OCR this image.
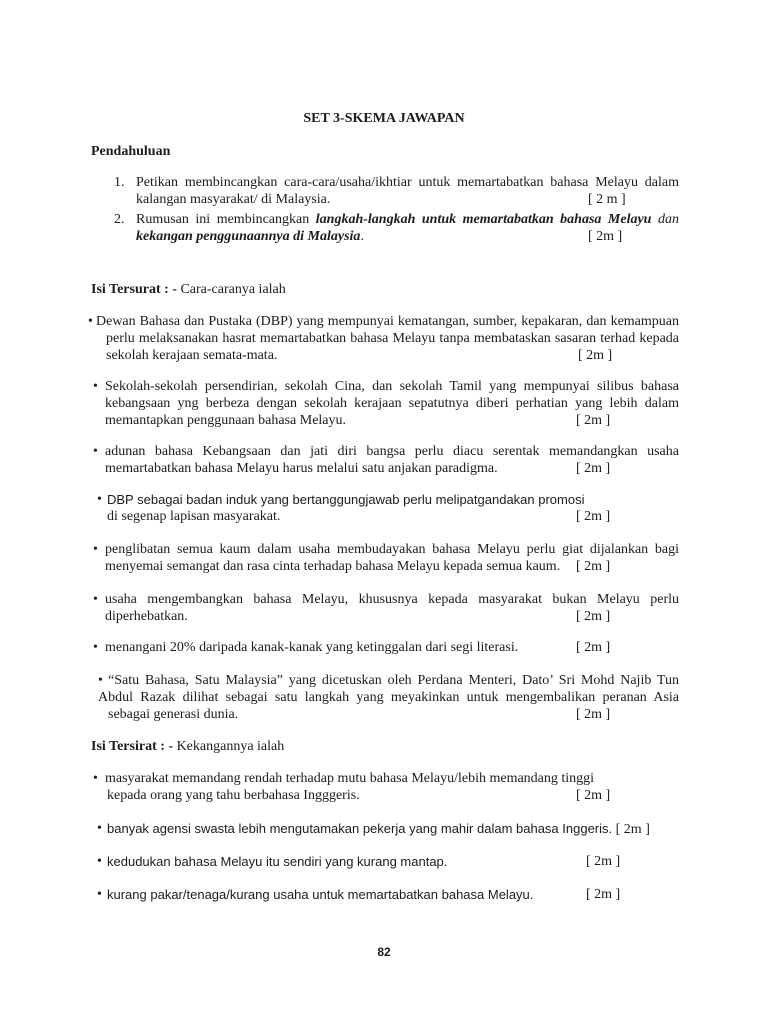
SET 3-SKEMA JAWAPAN
Pendahuluan
1. Petikan membincangkan cara-cara/usaha/ikhtiar untuk memartabatkan bahasa Melayu dalam
kalangan masyarakat/ di Malaysia.	[ 2 m ]
2. Rumusan ini membincangkan langkah-langkah untuk memartabatkan bahasa Melayu dan
kekangan penggunaannya di Malaysia.	[ 2m ]
Isi Tersurat : - Cara-caranya ialah
• Dewan Bahasa dan Pustaka (DBP) yang mempunyai kematangan, sumber, kepakaran, dan kemampuan
perlu melaksanakan hasrat memartabatkan bahasa Melayu tanpa membataskan sasaran terhad kepada
sekolah kerajaan semata-mata.	[ 2m ]
• Sekolah-sekolah persendirian, sekolah Cina, dan sekolah Tamil yang mempunyai silibus bahasa
kebangsaan yng berbeza dengan sekolah kerajaan sepatutnya diberi perhatian yang lebih dalam
memantapkan penggunaan bahasa Melayu.	[ 2m ]
• adunan bahasa Kebangsaan dan jati diri bangsa perlu diacu serentak memandangkan usaha
memartabatkan bahasa Melayu harus melalui satu anjakan paradigma.	[ 2m ]
• DBP sebagai badan induk yang bertanggungjawab perlu melipatgandakan promosi
di segenap lapisan masyarakat.	[ 2m ]
• penglibatan semua kaum dalam usaha membudayakan bahasa Melayu perlu giat dijalankan bagi
menyemai semangat dan rasa cinta terhadap bahasa Melayu kepada semua kaum. [ 2m ]
• usaha mengembangkan bahasa Melayu, khususnya kepada masyarakat bukan Melayu perlu
diperhebatkan.	[ 2m ]
• menangani 20% daripada kanak-kanak yang ketinggalan dari segi literasi.	[ 2m ]
• “Satu Bahasa, Satu Malaysia” yang dicetuskan oleh Perdana Menteri, Dato’ Sri Mohd Najib Tun
Abdul Razak dilihat sebagai satu langkah yang meyakinkan untuk mengembalikan peranan Asia
sebagai generasi dunia.	[ 2m ]
Isi Tersirat : - Kekangannya ialah
• masyarakat memandang rendah terhadap mutu bahasa Melayu/lebih memandang tinggi
kepada orang yang tahu berbahasa Ingggeris.	[ 2m ]
• banyak agensi swasta lebih mengutamakan pekerja yang mahir dalam bahasa Inggeris. [ 2m ]
• kedudukan bahasa Melayu itu sendiri yang kurang mantap.	[ 2m ]
• kurang pakar/tenaga/kurang usaha untuk memartabatkan bahasa Melayu.	[ 2m ]
82
